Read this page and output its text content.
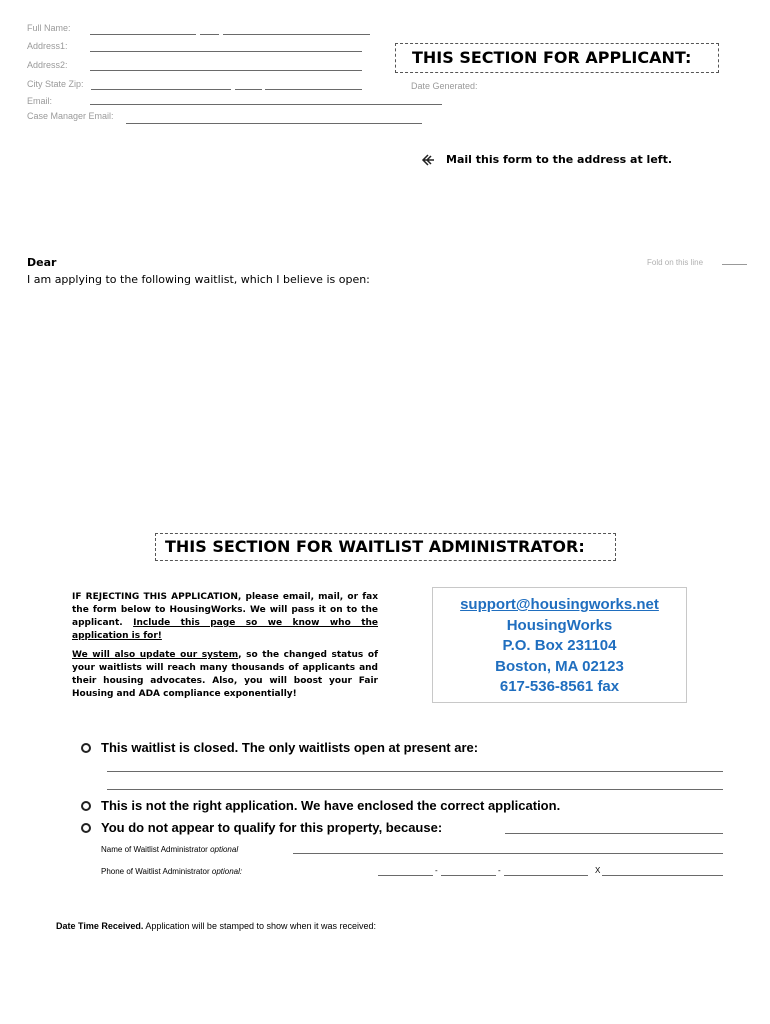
Full Name:
Address1:
Address2:
City State Zip:
Email:
Case Manager Email:
THIS SECTION FOR APPLICANT:
Date Generated:
Mail this form to the address at left.
Dear	Fold on this line
I am applying to the following waitlist, which I believe is open:
THIS SECTION FOR WAITLIST ADMINISTRATOR:
IF REJECTING THIS APPLICATION, please email, mail, or fax the form below to HousingWorks. We will pass it on to the applicant. Include this page so we know who the application is for!
We will also update our system, so the changed status of your waitlists will reach many thousands of applicants and their housing advocates. Also, you will boost your Fair Housing and ADA compliance exponentially!
support@housingworks.net
HousingWorks
P.O. Box 231104
Boston, MA 02123
617-536-8561 fax
This waitlist is closed. The only waitlists open at present are:
This is not the right application. We have enclosed the correct application.
You do not appear to qualify for this property, because:
Name of Waitlist Administrator optional
Phone of Waitlist Administrator optional:	-	-	X
Date Time Received. Application will be stamped to show when it was received:
